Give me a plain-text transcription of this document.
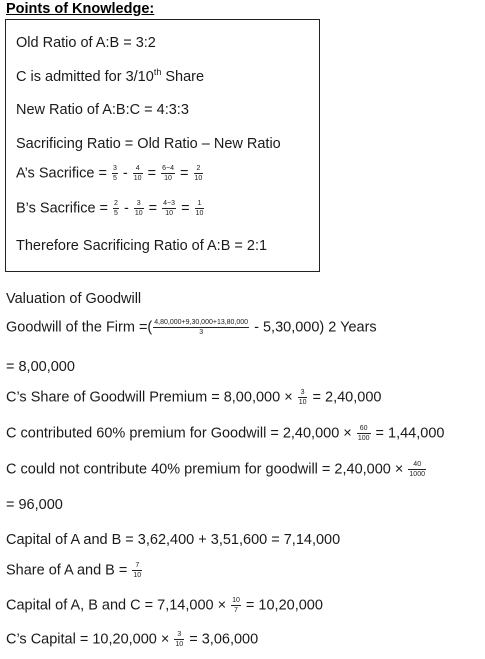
Points of Knowledge:
Old Ratio of A:B = 3:2
C is admitted for 3/10th Share
New Ratio of A:B:C = 4:3:3
Sacrificing Ratio = Old Ratio – New Ratio
A’s Sacrifice = $\frac{3}{5} - \frac{4}{10} = \frac{6-4}{10} = \frac{2}{10}$
B’s Sacrifice = $\frac{2}{5} - \frac{3}{10} = \frac{4-3}{10} = \frac{1}{10}$
Therefore Sacrificing Ratio of A:B = 2:1
Valuation of Goodwill
Goodwill of the Firm =( $\frac{4,80,000+9,30,000+13,80,000}{3} - 5,30,000$) 2 Years
= 8,00,000
C’s Share of Goodwill Premium = $8,00,000 \times \frac{3}{10} = 2,40,000$
C contributed 60% premium for Goodwill = $2,40,000 \times \frac{60}{100} = 1,44,000$
C could not contribute 40% premium for goodwill = $2,40,000 \times \frac{40}{1000}$
= 96,000
Capital of A and B = 3,62,400 + 3,51,600 = 7,14,000
Share of A and $B = \frac{7}{10}$
Capital of A, B and $C = 7,14,000 \times \frac{10}{7} = 10,20,000$
C’s Capital = $10,20,000 \times \frac{3}{10} = 3,06,000$
